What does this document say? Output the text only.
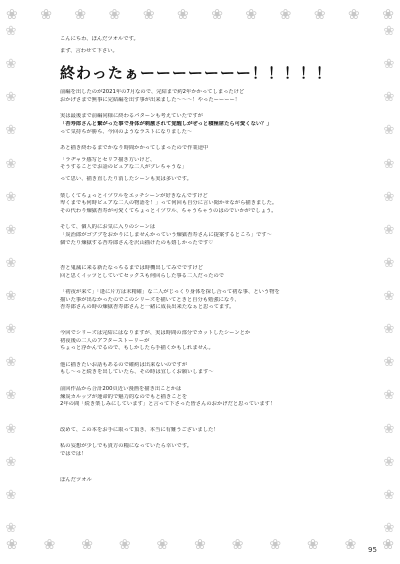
❀ ❀ ❀ ❀ ❀ ❀ ❀ ❀ ❀ ❀ ❀ ❀
❀
❀
❀
❀
❀
❀
❀
❀
❀
❀
❀
❀
❀
❀
❀
❀
❀
❀
❀
❀
❀
❀
❀
❀
❀
❀
❀
❀
❀
❀
❀
❀
こんにちわ、ぽんだツオルです。
まず、言わせて下さい。
終わったぁーーーーーーー！！！！！
前編を出したのが2021年の7月なので、完結まで約2年かかってしまったけど
おかげさまで無事に完結編を出す事が出来ました〜〜〜！やったーーーー！
実は最後まで前編同様に終わるパターンも考えていたですが
「杏寿郎さんと繋がった事で身体が刺激されて覚醒しがぜっと積極席たら可愛くない？」
って気持ちが勝ち、今回のようなラストになりました〜
あと描き終わるまでかなり時間かかってしまったので作業途中
「ラヂャラ感写とセリフ描き方いけど、
そうすることでお話のピュアな二人がプレちゃうな」
って思い、描き直したり消したシーンも実は多いです。
楽しくてちょっとイヅワルをエッチシーンが好きなんですけど
卑くまでも何時ピュアな二人の物語を！」って何回も自分に言い聞かせながら描きました。
その代わり煉獄杏寿が可愛くてちょっとイヅワル、ちゃうちゃうのはのでいかがでしょう。
そして、個人的にお気に入りのシーンは
「炭治郎がゴブブをおかりにしませんかっていう煉獄杏寿さんに提案するところ」です〜
個でたり煉獄する杏寿郎さんを沢山描けたのも嬉しかったです♡
杏と鬼滅に来る新たなっちるまでは時機出してみでですけど
回と思くイッツとしていてセックスも何回らした事る二人だったので
「初夜が来て」「逢に片方は末精確」な二人がじっくり身体を探し合って初な事、という物を
描いた事が出なかったのでこのシリーズを描いてときと自分も勉強になり、
杏寿郎さんの時の煉獄杏寿郎さんと一緒に成長出来たなぁと思ってます。
今回でシリーズは完結にはなりますが、実は時間の部分でカットしたシーンとか
初夜後の二人のアフターストーリーが
ちょっと浮かんでるので、もしかしたら手描くかもしれません。
他に描きたいお話もあるので確約は出来ないのですが
もし〜っと続きを出していたら、その時は宜しくお願いします〜
前回作品から合計200頁近い漫画を描き出ことかは
煉炭カルップが運命的で魅力的なのでもと描きことを
2年の間「続き楽しみにしています」と言って下さった皆さんのおかげだと思っています！
改めて、この本をお手に取って頂き、本当に有難うございました！
私の妄想が少しでも貴方の糧になっていたら幸いです。
ではでは！
ぽんだツオル
❀ ❀ ❀ ❀ ❀ ❀ ❀ ❀ ❀ ❀ ❀
95
